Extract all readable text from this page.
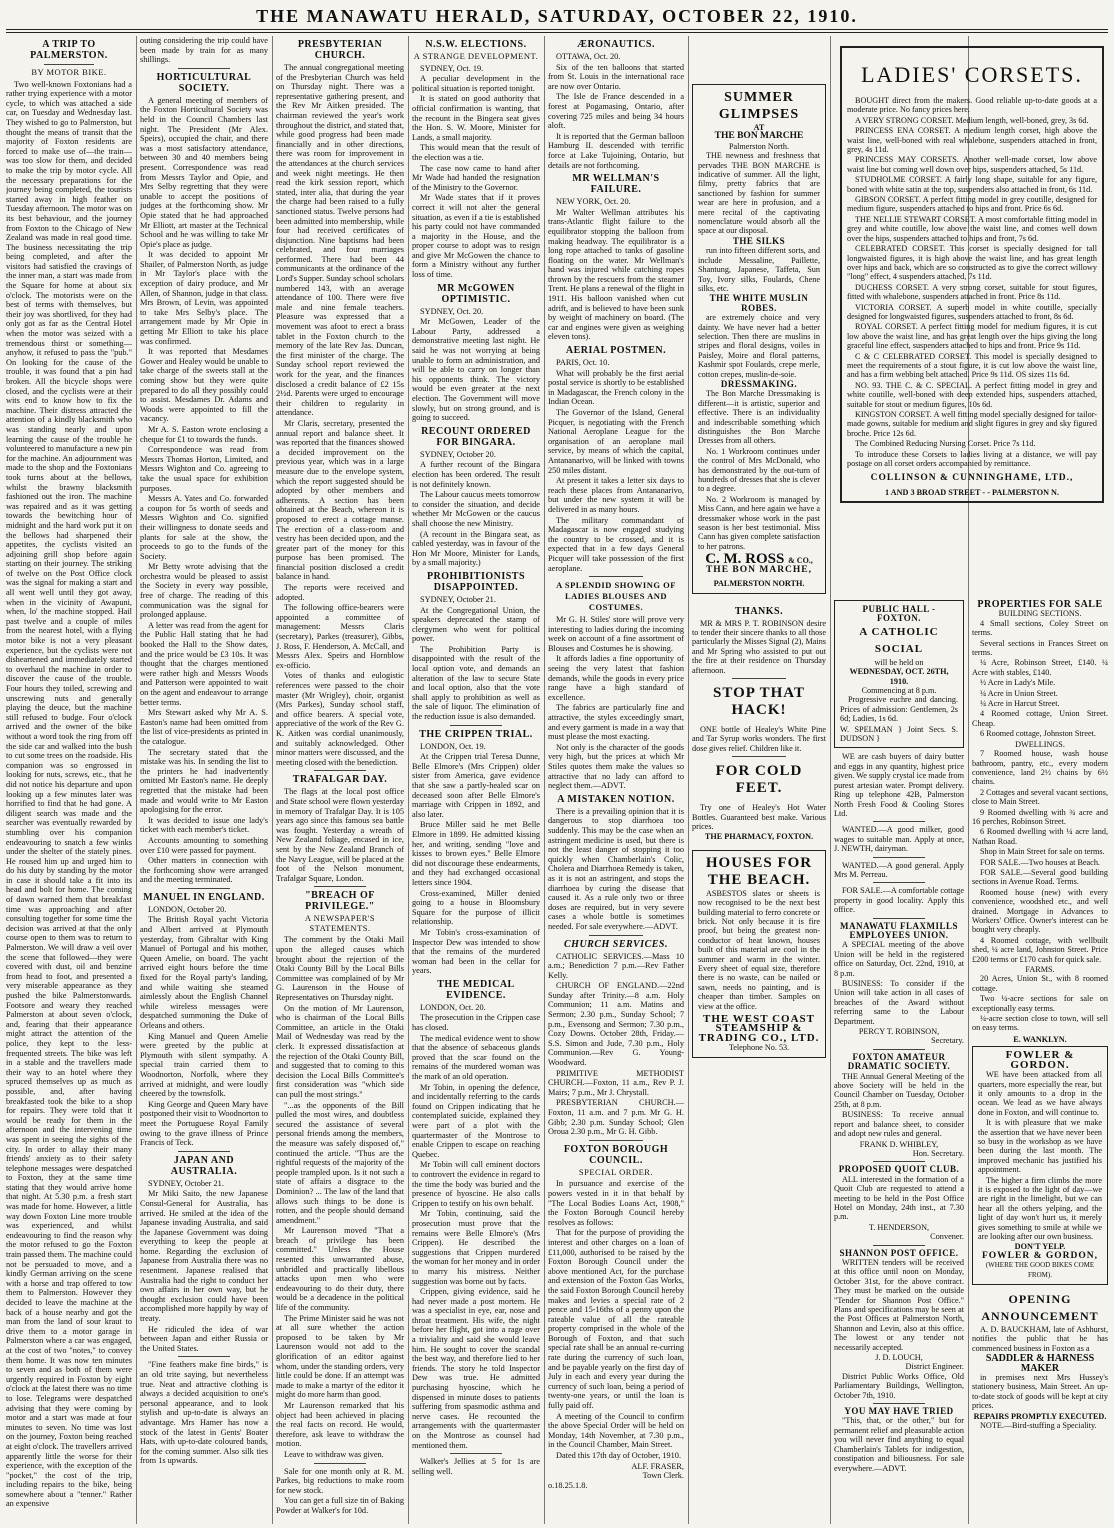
THE MANAWATU HERALD, SATURDAY, OCTOBER 22, 1910.
A TRIP TO PALMERSTON.
BY MOTOR BIKE.

Two well-known Foxtonians had a rather trying experience with a motor cycle, to which was attached a side car, on Tuesday and Wednesday last. They wished to go to Palmerston, but thought the means of transit that the majority of Foxton residents are forced to make use of—the train—was too slow for them, and decided to make the trip by motor cycle. All the necessary preparations for the journey being completed, the tourists started away in high feather on Tuesday afternoon. The motor was on its best behaviour, and the journey from Foxton to the Chicago of New Zealand was made in real good time. The business necessitating the trip being completed, and after the visitors had satisfied the cravings of the inner man, a start was made from the Square for home at about six o'clock. The motorists were on the best of terms with themselves, but their joy was shortlived, for they had only got as far as the Central Hotel when the motor was seized with a tremendous thirst or something—anyhow, it refused to pass the "pub." On looking for the cause of the trouble, it was found that a pin had broken. All the bicycle shops were closed, and the cyclists were at their wits end to know how to fix the machine. Their distress attracted the attention of a kindly blacksmith who was standing nearly and upon learning the cause of the trouble he volunteered to manufacture a new pin for the machine. An adjournment was made to the shop and the Foxtonians took turns about at the bellows, whilst the brawny blacksmith fashioned out the iron. The machine was repaired and as it was getting towards the bewitching hour of midnight and the hard work put it on the bellows had sharpened their appetites, the cyclists visited an adjoining grill shop before again starting on their journey. The striking of twelve on the Post Office clock was the signal for making a start and all went well until they got away, when in the vicinity of Awapuni, when, lo' the machine stopped. Hail past twelve and a couple of miles from the nearest hotel, with a flying motor bike is not a very pleasant experience, but the cyclists were not disheartened and immediately started to overhaul the machine in order to discover the cause of the trouble. Four hours they toiled, screwing and unscrewing nuts and generally playing the deuce, but the machine still refused to budge. Four o'clock arrived and the owner of the bike without a word took the ring from off the side car and walked into the bush to cut some trees on the roadside. His companion was so engrossed in looking for nuts, screws, etc., that he did not notice his departure and upon looking up a few minutes later was horrified to find that he had gone. A diligent search was made and the searcher was eventually rewarded by stumbling over his companion endeavouring to snatch a few winks under the shelter of the stately pines. He roused him up and urged him to do his duty by standing by the motor in case it should take a fit into its head and bolt for home. The coming of dawn warned them that breakfast time was approaching and after consulting together for some time the decision was arrived at that the only course open to them was to return to Palmerston. We will draw a veil over the scene that followed—they were covered with dust, oil and benzine from head to foot, and presented a very miserable appearance as they pushed the bike Palmerstonwards. Footsore and weary they reached Palmerston at about seven o'clock, and, fearing that their appearance might attract the attention of the police, they kept to the less-frequented streets. The bike was left in a stable and the travellers made their way to an hotel where they spruced themselves up as much as possible, and, after having breakfasted took the bike to a shop for repairs. They were told that it would be ready for them in the afternoon and the intervening time was spent in seeing the sights of the city. In order to allay their many friends' anxiety as to their safety telephone messages were despatched to Foxton, they at the same time stating that they would arrive home that night. At 5.30 p.m. a fresh start was made for home. However, a little way down Foxton Line more trouble was experienced, and whilst endeavouring to find the reason why the motor refused to go the Foxton train passed them. The machine could not be persuaded to move, and a kindly German arriving on the scene with a horse and trap offered to tow them to Palmerston. However they decided to leave the machine at the back of a house nearby and got the man from the land of sour kraut to drive them to a motor garage in Palmerston where a car was engaged, at the cost of two "notes," to convey them home. It was now ten minutes to seven and as both of them were urgently required in Foxton by eight o'clock at the latest there was no time to lose. Telegrams were despatched advising that they were coming by motor and a start was made at four minutes to seven. No time was lost on the journey, Foxton being reached at eight o'clock. The travellers arrived apparently little the worse for their experience, with the exception of the "pocket," the cost of the trip, including repairs to the bike, being somewhere about a "tenner." Rather an expensive

outing considering the trip could have been made by train for as many shillings.

HORTICULTURAL SOCIETY.

A general meeting of members of the Foxton Horticultural Society was held in the Council Chambers last night. The President (Mr Alex. Speirs), occupied the chair, and there was a most satisfactory attendance, between 30 and 40 members being present. Correspondence was read from Messrs Taylor and Opie, and Mrs Selby regretting that they were unable to accept the positions of judges at the forthcoming show. Mr Opie stated that he had approached Mr Elliott, art master at the Technical School and he was willing to take Mr Opie's place as judge.

It was decided to appoint Mr Shailer, of Palmerston North, as judge in Mr Taylor's place with the exception of dairy produce, and Mr Allen, of Shannon, judge in that class. Mrs Brown, of Levin, was appointed to take Mrs Selby's place. The arrangement made by Mr Opie in getting Mr Elliott to take his place was confirmed.

It was reported that Mesdames Gower and Healey would be unable to take charge of the sweets stall at the coming show but they were quite prepared to do all they possibly could to assist. Mesdames Dr. Adams and Woods were appointed to fill the vacancy.

Mr A. S. Easton wrote enclosing a cheque for £1 to towards the funds.

Correspondence was read from Messrs Thomas Horton, Limited, and Messrs Wighton and Co. agreeing to take the usual space for exhibition purposes.

Messrs A. Yates and Co. forwarded a coupon for 5s worth of seeds and Messrs Wighton and Co. signified their willingness to donate seeds and plants for sale at the show, the proceeds to go to the funds of the Society.

Mr Betty wrote advising that the orchestra would be pleased to assist the Society in every way possible, free of charge. The reading of this communication was the signal for prolonged applause.

A letter was read from the agent for the Public Hall stating that he had booked the Hall to the Show dates, and the price would be £3 10s. It was thought that the charges mentioned were rather high and Messrs Woods and Patterson were appointed to wait on the agent and endeavour to arrange better terms.

Mrs Stewart asked why Mr A. S. Easton's name had been omitted from the list of vice-presidents as printed in the catalogue.

The secretary stated that the mistake was his. In sending the list to the printers he had inadvertently omitted Mr Easton's name. He deeply regretted that the mistake had been made and would write to Mr Easton apologising for the error.

It was decided to issue one lady's ticket with each member's ticket.

Accounts amounting to something over £10 were passed for payment.

Other matters in connection with the forthcoming show were arranged and the meeting terminated.

MANUEL IN ENGLAND.

LONDON, October 20.

The British Royal yacht Victoria and Albert arrived at Plymouth yesterday, from Gibraltar with King Manuel of Portugal and his mother, Queen Amelie, on board. The yacht arrived eight hours before the time fixed for the Royal party's landing, and while waiting she steamed aimlessly about the English Channel while wireless messages were despatched summoning the Duke of Orleans and others.

King Manuel and Queen Amelie were greeted by the public at Plymouth with silent sympathy. A special train carried them to Woodnorton, Norfolk, where they arrived at midnight, and were loudly cheered by the townsfolk.

King George and Queen Mary have postponed their visit to Woodnorton to meet the Portuguese Royal Family owing to the grave illness of Prince Francis of Teck.

JAPAN AND AUSTRALIA.

SYDNEY, October 21.

Mr Miki Saito, the new Japanese Consul-General for Australia, has arrived. He smiled at the idea of the Japanese invading Australia, and said the Japanese Government was doing everything to keep the people at home. Regarding the exclusion of Japanese from Australia there was no resentment. Japanese realised that Australia had the right to conduct her own affairs in her own way, but he thought exclusion could have been accomplished more happily by way of treaty.

He ridiculed the idea of war between Japan and either Russia or the United States.

"Fine feathers make fine birds," is an old trite saying, but nevertheless true. Neat and attractive clothing is always a decided acquisition to one's personal appearance, and to look stylish and up-to-date is always an advantage. Mrs Hamer has now a stock of the latest in Gents' Boater Hats, with up-to-date coloured bands, for the coming summer. Also silk ties from 1s upwards.

PRESBYTERIAN CHURCH.

The annual congregational meeting of the Presbyterian Church was held on Thursday night. There was a representative gathering present, and the Rev Mr Aitken presided. The chairman reviewed the year's work throughout the district, and stated that, while good progress had been made financially and in other directions, there was room for improvement in the attendances at the church services and week night meetings. He then read the kirk session report, which stated, inter alia, that during the year the charge had been raised to a fully sanctioned status. Twelve persons had been admitted into membership, while four had received certificates of disjunction. Nine baptisms had been celebrated, and four marriages performed. There had been 44 communicants at the ordinance of the Lord's Supper. Sunday school scholars numbered 143, with an average attendance of 100. There were five male and nine female teachers. Pleasure was expressed that a movement was afoot to erect a brass tablet in the Foxton church to the memory of the late Rev Jas. Duncan, the first minister of the charge. The Sunday school report reviewed the work for the year, and the finances disclosed a credit balance of £2 15s 2½d. Parents were urged to encourage their children to regularity in attendance.

Mr Claris, secretary, presented the annual report and balance sheet. It was reported that the finances showed a decided improvement on the previous year, which was in a large measure due to the envelope system, which the report suggested should be adopted by other members and adherents. A section has been obtained at the Beach, whereon it is proposed to erect a cottage manse. The erection of a class-room and vestry has been decided upon, and the greater part of the money for this purpose has been promised. The financial position disclosed a credit balance in hand.

The reports were received and adopted.

The following office-bearers were appointed a committee of management: Messrs Claris (secretary), Parkes (treasurer), Gibbs, J. Ross, F. Henderson, A. McCall, and Messrs Alex. Speirs and Hornblow ex-officio.

Votes of thanks and eulogistic references were passed to the choir master (Mr Wrigley), choir, organist (Mrs Parkes), Sunday school staff, and office bearers. A special vote, appreciative of the work of the Rev G. K. Aitken was cordial unanimously, and suitably acknowledged. Other minor matters were discussed, and the meeting closed with the benediction.

TRAFALGAR DAY.

The flags at the local post office and State school were flown yesterday in memory of Trafalgar Day. It is 105 years ago since this famous sea battle was fought. Yesterday a wreath of New Zealand foliage, encased in ice, sent by the New Zealand Branch of the Navy League, will be placed at the foot of the Nelson monument, Trafalgar Square, London.

"BREACH OF PRIVILEGE."
A NEWSPAPER'S STATEMENTS.

The comment by the Otaki Mail upon the alleged causes which brought about the rejection of the Otaki County Bill by the Local Bills Committee was complained of by Mr G. Laurenson in the House of Representatives on Thursday night.

On the motion of Mr Laurenson, who is chairman of the Local Bills Committee, an article in the Otaki Mail of Wednesday was read by the clerk. It expressed dissatisfaction at the rejection of the Otaki County Bill, and suggested that to coming to this decision the Local Bills Committee's first consideration was "which side can pull the most strings."

"...as the opponents of the Bill pulled the most wires, and doubtless secured the assistance of several personal friends among the members, the measure was safely disposed of," continued the article. "Thus are the rightful requests of the majority of the people trampled upon. Is it not such a state of affairs a disgrace to the Dominion? ... The law of the land that allows such things to be done is rotten, and the people should demand amendment."

Mr Laurenson moved "That a breach of privilege has been committed." Unless the House resented this unwarranted abuse, unbridled and practically libellous attacks upon men who were endeavouring to do their duty, there would be a decadence in the political life of the community.

The Prime Minister said he was not at all sure whether the action proposed to be taken by Mr Laurenson would not add to the glorification of an editor against whom, under the standing orders, very little could be done. If an attempt was made to make a martyr of the editor it might do more harm than good.

Mr Laurenson remarked that his object had been achieved in placing the real facts on record. He would, therefore, ask leave to withdraw the motion.

Leave to withdraw was given.

Sale for one month only at R. M. Parkes, big reductions to make room for new stock.

You can get a full size tin of Baking Powder at Walker's for 10d.

N.S.W. ELECTIONS.
A STRANGE DEVELOPMENT.

SYDNEY, Oct. 19.

A peculiar development in the political situation is reported tonight.

It is stated on good authority that official confirmation is wanting, that the recount in the Bingera seat gives the Hon. S. W. Moore, Minister for Lands, a small majority.

This would mean that the result of the election was a tie.

The case now came to hand after Mr Wade had handed the resignation of the Ministry to the Governor.

Mr Wade states that if it proves correct it will not alter the general situation, as even if a tie is established his party could not have commanded a majority in the House, and the proper course to adopt was to resign and give Mr McGowen the chance to form a Ministry without any further loss of time.

MR McGOWEN OPTIMISTIC.

SYDNEY, Oct. 20.

Mr McGowen, Leader of the Labour Party, addressed a demonstrative meeting last night. He said he was not worrying at being unable to form an administration, and will be able to carry on longer than his opponents think. The victory would be even greater at the next election. The Government will move slowly, but on strong ground, and is going to succeed.

RECOUNT ORDERED FOR BINGARA.

SYDNEY, October 20.

A further recount of the Bingara election has been ordered. The result is not definitely known.

The Labour caucus meets tomorrow to consider the situation, and decide whether Mr McGowen or the caucus shall choose the new Ministry.

(A recount in the Bingara seat, as cabled yesterday, was in favour of the Hon Mr Moore, Minister for Lands, by a small majority.)

PROHIBITIONISTS DISAPPOINTED.

SYDNEY, October 21.

At the Congregational Union, the speakers deprecated the stamp of clergymen who went for political power.

The Prohibition Party is disappointed with the result of the local option vote, and demands an alteration of the law to secure State and local option, also that the vote shall apply to prohibition as well as the sale of liquor. The elimination of the reduction issue is also demanded.

THE CRIPPEN TRIAL.

LONDON, Oct. 19.

At the Crippen trial Teresa Dunne, Belle Elmore's (Mrs Crippen) older sister from America, gave evidence that she saw a partly-healed scar on deceased soon after Belle Elmore's marriage with Crippen in 1892, and also later.

Bruce Miller said he met Belle Elmore in 1899. He admitted kissing her, and writing, sending "love and kisses to brown eyes." Belle Elmore did not discourage these endearments, and they had exchanged occasional letters since 1904.

Cross-examined, Miller denied going to a house in Bloomsbury Square for the purpose of illicit relationship.

Mr Tobin's cross-examination of Inspector Dew was intended to show that the remains of the murdered woman had been in the cellar for years.

THE MEDICAL EVIDENCE.

LONDON, Oct. 20.

The prosecution in the Crippen case has closed.

The medical evidence went to show that the absence of sebaceous glands proved that the scar found on the remains of the murdered woman was the mark of an old operation.

Mr Tobin, in opening the defence, and incidentally referring to the cards found on Crippen indicating that he contemplated suicide, explained they were part of a plot with the quartermaster of the Montrose to enable Crippen to escape on reaching Quebec.

Mr Tobin will call eminent doctors to controvert the evidence in regard to the time the body was buried and the presence of hyoscine. He also calls Crippen to testify on his own behalf.

Mr Tobin, continuing, said the prosecution must prove that the remains were Belle Elmore's (Mrs Crippen). He described the suggestions that Crippen murdered the woman for her money and in order to marry his mistress. Neither suggestion was borne out by facts.

Crippen, giving evidence, said he had never made a post mortem. He was a specialist in eye, ear, nose and throat treatment. His wife, the night before her flight, got into a rage over a triviality and said she would leave him. He sought to cover the scandal the best way, and therefore lied to her friends. The story he told Inspector Dew was true. He admitted purchasing hyoscine, which he dispensed in minute doses to patients suffering from spasmodic asthma and nerve cases. He recounted the arrangements with the quartermaster on the Montrose as counsel had mentioned them.

Walker's Jellies at 5 for 1s are selling well.

ÆRONAUTICS.

OTTAWA, Oct. 20.

Six of the ten balloons that started from St. Louis in the international race are now over Ontario.

The Isle de France descended in a forest at Pogamasing, Ontario, after covering 725 miles and being 34 hours aloft.

It is reported that the German balloon Hamburg II. descended with terrific force at Lake Tujoining, Ontario, but details are not forthcoming.

MR WELLMAN'S FAILURE.

NEW YORK, Oct. 20.

Mr Walter Wellman attributes his trans-Atlantic flight failure to the equilibrator stopping the balloon from making headway. The equilibrator is a long rope attached to tanks of gasoline floating on the water. Mr Wellman's hand was injured while catching ropes thrown by the rescuers from the steamer Trent. He plans a renewal of the flight in 1911. His balloon vanished when cut adrift, and is believed to have been sunk by weight of machinery on board. (The car and engines were given as weighing eleven tons).

AERIAL POSTMEN.

PARIS, Oct. 10.

What will probably be the first aerial postal service is shortly to be established in Madagascar, the French colony in the Indian Ocean.

The Governor of the Island, General Picquer, is negotiating with the French National Aeroplane League for the organisation of an aeroplane mail service, by means of which the capital, Antananarivo, will be linked with towns 250 miles distant.

At present it takes a letter six days to reach these places from Antananarivo, but under the new system it will be delivered in as many hours.

The military commandant of Madagascar is now engaged studying the country to be crossed, and it is expected that in a few days General Picquer will take possession of the first aeroplane.

A SPLENDID SHOWING OF LADIES BLOUSES AND COSTUMES.

Mr G. H. Stiles' store will prove very interesting to ladies during the incoming week on account of a fine assortment of Blouses and Costumes he is showing.

It affords ladies a fine opportunity of seeing the very latest that fashion demands, while the goods in every price range have a high standard of excellence.

The fabrics are particularly fine and attractive, the styles exceedingly smart, and every garment is made in a way that must please the most exacting.

Not only is the character of the goods very high, but the prices at which Mr Stiles quotes them make the values so attractive that no lady can afford to neglect them.—ADVT.

A MISTAKEN NOTION.

There is a prevailing opinion that it is dangerous to stop diarrhoea too suddenly. This may be the case when an astringent medicine is used, but there is not the least danger of stopping it too quickly when Chamberlain's Colic, Cholera and Diarrhoea Remedy is taken, as it is not an astringent, and stops the diarrhoea by curing the disease that caused it. As a rule only two or three doses are required, but in very severe cases a whole bottle is sometimes needed. For sale everywhere.—ADVT.

CHURCH SERVICES.

CATHOLIC SERVICES.—Mass 10 a.m.; Benediction 7 p.m.—Rev Father Kelly.

CHURCH OF ENGLAND.—22nd Sunday after Trinity.—8 a.m. Holy Communion; 11 a.m. Matins and Sermon; 2.30 p.m., Sunday School; 7 p.m., Evensong and Sermon; 7.30 p.m., Cozy Downs. October 28th, Friday.—S.S. Simon and Jude, 7.30 p.m., Holy Communion.—Rev G. Young-Woodward.

PRIMITIVE METHODIST CHURCH.—Foxton, 11 a.m., Rev P. J. Mairs; 7 p.m., Mr J. Chrystall.

PRESBYTERIAN CHURCH.—Foxton, 11 a.m. and 7 p.m. Mr G. H. Gibb; 2.30 p.m. Sunday School; Glen Oroua 2.30 p.m., Mr G. H. Gibb.

FOXTON BOROUGH COUNCIL.
SPECIAL ORDER.

In pursuance and exercise of the powers vested in it in that behalf by "The Local Bodies Loans Act, 1908," the Foxton Borough Council hereby resolves as follows:

That for the purpose of providing the interest and other charges on a loan of £11,000, authorised to be raised by the Foxton Borough Council under the above mentioned Act, for the purchase and extension of the Foxton Gas Works, the said Foxton Borough Council hereby makes and levies a special rate of 2 pence and 15-16ths of a penny upon the rateable value of all the rateable property comprised in the whole of the Borough of Foxton, and that such special rate shall be an annual re-curring rate during the currency of such loan, and be payable yearly on the first day of July in each and every year during the currency of such loan, being a period of twenty-one years, or until the loan is fully paid off.

A meeting of the Council to confirm the above Special Order will be held on Monday, 14th November, at 7.30 p.m., in the Council Chamber, Main Street.

Dated this 17th day of October, 1910.

ALF. FRASER,
Town Clerk.
o.18.25.1.8.
SUMMER
GLIMPSES
AT
THE BON MARCHE
Palmerston North.

THE newness and freshness that pervades THE BON MARCHE is indicative of summer. All the light, filmy, pretty fabrics that are sanctioned by fashion for summer wear are here in profusion, and a mere recital of the captivating nomenclature would absorb all the space at our disposal.

THE SILKS

run into fifteen different sorts, and include Messaline, Paillette, Shantung, Japanese, Taffeta, Sun Toy, Ivory silks, Foulards, Chene silks, etc.

THE WHITE MUSLIN ROBES.

are extremely choice and very dainty. We have never had a better selection. Then there are muslins in stripes and floral designs, voiles in Paisley, Moire and floral patterns, Kashmir spot Foulards, crepe merle, cotton crepes, muslin-de-soie.

DRESSMAKING.

The Bon Marche Dressmaking is different—it is artistic, superior and effective. There is an individuality and indescribable something which distinguishes the Bon Marche Dresses from all others.

No. 1 Workroom continues under the control of Mrs McDonald, who has demonstrated by the out-turn of hundreds of dresses that she is clever to a degree.

No. 2 Workroom is managed by Miss Cann, and here again we have a dressmaker whose work in the past season is her best testimonial. Miss Cann has given complete satisfaction to her patrons.

C. M. ROSS & CO.,
THE BON MARCHE,
PALMERSTON NORTH.
THANKS.

MR & MRS P. T. ROBINSON desire to tender their sincere thanks to all those particularly the Misses Signal (2), Mains and Mr Spring who assisted to put out the fire at their residence on Thursday afternoon.

STOP THAT HACK!

ONE bottle of Healey's White Pine and Tar Syrup works wonders. The first dose gives relief. Children like it.

FOR COLD FEET.

Try one of Healey's Hot Water Bottles. Guaranteed best make. Various prices.

THE PHARMACY, FOXTON.
HOUSES FOR THE BEACH.

ASBESTOS slates or sheets is now recognised to be the next best building material to ferro concrete or brick. Not only because it is fire proof, but being the greatest non-conductor of heat known, houses built of this material are cool in the summer and warm in the winter. Every sheet of equal size, therefore there is no waste, can be nailed or sawn, needs no painting, and is cheaper than timber. Samples on view at the office.

THE WEST COAST
STEAMSHIP & TRADING CO., LTD.
Telephone No. 53.
LADIES' CORSETS.

BOUGHT direct from the makers. Good reliable up-to-date goods at a moderate price. No fancy prices here.

A VERY STRONG CORSET. Medium length, well-boned, grey, 3s 6d.

PRINCESS ENA CORSET. A medium length corset, high above the waist line, well-boned with real whalebone, suspenders attached in front, grey, 4s 11d.

PRINCESS MAY CORSETS. Another well-made corset, low above waist line but coming well down over hips, suspenders attached, 5s 11d.

STUDHOLME CORSET. A fairly long shape, suitable for any figure, boned with white satin at the top, suspenders also attached in front, 6s 11d.

GIBSON CORSET. A perfect fitting model in grey coutille, designed for medium figure, suspenders attached to hips and front. Price 6s 6d.

THE NELLIE STEWART CORSET. A most comfortable fitting model in grey and white coutille, low above the waist line, and comes well down over the hips, suspenders attached to hips and front, 7s 6d.

CELEBRATED CORSET. This corset is specially designed for tall longwaisted figures, it is high above the waist line, and has great length over hips and back, which are so constructed as to give the correct willowy "long" effect, 4 suspenders attached, 7s 11d.

DUCHESS CORSET. A very strong corset, suitable for stout figures, fitted with whalebone, suspenders attached in front. Price 8s 11d.

VICTORIA CORSET. A superb model in white coutille, specially designed for longwaisted figures, suspenders attached to front, 8s 6d.

ROYAL CORSET. A perfect fitting model for medium figures, it is cut low above the waist line, and has great length over the hips giving the long graceful line effect, suspenders attached to hips and front. Price 9s 11d.

C & C CELEBRATED CORSET. This model is specially designed to meet the requirements of a stout figure, it is cut low above the waist line, and has a firm webbing belt attached. Price 9s 11d. OS sizes 11s 6d.

NO. 93. THE C. & C. SPECIAL. A perfect fitting model in grey and white coutille, well-boned with deep extended hips, suspenders attached, suitable for stout or medium figures, 10s 6d.

KINGSTON CORSET. A well fitting model specially designed for tailor-made gowns, suitable for medium and slight figures in grey and sky figured broche. Price 12s 6d.

The Combined Reducing Nursing Corset. Price 7s 11d.

To introduce these Corsets to ladies living at a distance, we will pay postage on all corset orders accompanied by remittance.

COLLINSON & CUNNINGHAME, LTD.,
1 AND 3 BROAD STREET - - PALMERSTON N.
PUBLIC HALL - FOXTON.
A CATHOLIC SOCIAL
will be held on
WEDNESDAY, OCT. 26TH, 1910.
Commencing at 8 p.m.

Progressive euchre and dancing. Prices of admission: Gentlemen, 2s 6d; Ladies, 1s 6d.

W. SPELMAN } Joint Secs. S. DUDSON }

WE are cash buyers of dairy butter and eggs in any quantity, highest price given. We supply crystal ice made from purest artesian water. Prompt delivery. Ring up telephone 42B, Palmerston North Fresh Food & Cooling Stores Ltd.

WANTED.—A good milker, good wages to suitable man. Apply at once, J. NEWTH, dairyman.

WANTED.—A good general. Apply Mrs M. Perreau.

FOR SALE.—A comfortable cottage property in good locality. Apply this office.

MANAWATU FLAXMILLS EMPLOYEES UNION.

A SPECIAL meeting of the above Union will be held in the registered office on Saturday, Oct. 22nd, 1910, at 8 p.m.

BUSINESS: To consider if the Union will take action in all cases of breaches of the Award without referring same to the Labour Department.

PERCY T. ROBINSON,
Secretary.
FOXTON AMATEUR DRAMATIC SOCIETY.

THE Annual General Meeting of the above Society will be held in the Council Chamber on Tuesday, October 25th, at 8 p.m.

BUSINESS: To receive annual report and balance sheet, to consider and adopt new rules and general.

FRANK D. WHIBLEY,
Hon. Secretary.
PROPOSED QUOIT CLUB.

ALL interested in the formation of a Quoit Club are requested to attend a meeting to be held in the Post Office Hotel on Monday, 24th inst., at 7.30 p.m.

T. HENDERSON,
Convener.
SHANNON POST OFFICE.

WRITTEN tenders will be received at this office until noon on Monday, October 31st, for the above contract. They must be marked on the outside "Tender for Shannon Post Office." Plans and specifications may be seen at the Post Offices at Palmerston North, Shannon and Levin, also at this office. The lowest or any tender not necessarily accepted.

J. D. LOUCH,
District Engineer.

District Public Works Office, Old Parliamentary Buildings, Wellington, October 7th, 1910.

YOU MAY HAVE TRIED

"This, that, or the other," but for permanent relief and pleasurable action you will never find anything to equal Chamberlain's Tablets for indigestion, constipation and biliousness. For sale everywhere.—ADVT.

PROPERTIES FOR SALE
BUILDING SECTIONS.

4 Small sections, Coley Street on terms.

Several sections in Frances Street on terms.

¼ Acre, Robinson Street, £140. ¼ Acre with stables, £140.

½ Acre in Lady's Mile.

¼ Acre in Union Street.

¼ Acre in Harcut Street.

4 Roomed cottage, Union Street. Cheap.

6 Roomed cottage, Johnston Street.

DWELLINGS.

7 Roomed house, wash house bathroom, pantry, etc., every modern convenience, land 2½ chains by 6½ chains.

2 Cottages and several vacant sections, close to Main Street.

9 Roomed dwelling with ¾ acre and 16 perches, Robinson Street.

6 Roomed dwelling with ¼ acre land, Nathan Road.

Shop in Main Street for sale on terms.

FOR SALE.—Two houses at Beach.

FOR SALE.—Several good building sections in Avenue Road. Terms.

Roomed house (new) with every convenience, woodshed etc., and well drained. Mortgage in Advances to Workers' Office. Owner's interest can be bought very cheaply.

4 Roomed cottage, with wellbuilt shed, ¼ acre land, Johnston Street. Price £200 terms or £170 cash for quick sale.

FARMS.

20 Acres, Union St., with 8 roomed cottage.

Two ¼-acre sections for sale on exceptionally easy terms.

¼-acre section close to town, will sell on easy terms.

E. WANKLYN.
FOWLER & GORDON.

WE have been attacked from all quarters, more especially the rear, but it only amounts to a drop in the ocean. We lead as we have always done in Foxton, and will continue to.

It is with pleasure that we make the assertion that we have never been so busy in the workshop as we have been during the last month. The improved mechanic has justified his appointment.

The higher a firm climbs the more it is exposed to the light of day—we are right in the limelight, but we can hear all the others yelping, and the light of day won't hurt us, it merely gives something to smile at while we are looking after our own business.

DON'T YELP.
FOWLER & GORDON,
(WHERE THE GOOD BIKES COME FROM).
OPENING
ANNOUNCEMENT

A. D. BAUCKHAM, late of Ashhurst, notifies the public that he has commenced business in Foxton as a

SADDLER & HARNESS MAKER

in premises next Mrs Hussey's stationery business, Main Street. An up-to-date stock of goods will be kept at city prices.

REPAIRS PROMPTLY EXECUTED.

NOTE.—Bird-stuffing a Speciality.
